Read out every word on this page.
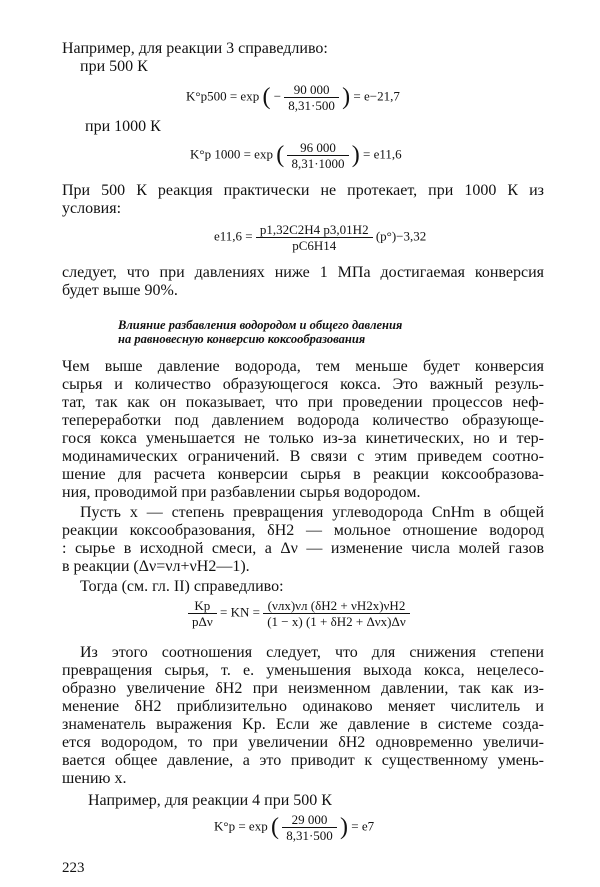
Например, для реакции 3 справедливо:
при 500 К
K°p500 = exp ( − $\frac{90 000}{8,31\cdot 500}$ ) = e−21,7
при 1000 К
K°p 1000 = exp ( $\frac{96 000}{8,31\cdot 1000}$ ) = e11,6
При 500 К реакция практически не протекает, при 1000 К из
условия:
$e11,6 = \frac{p1,32C2H4 p3,01H2}{pC6H14} (p^\circ)-3,32$
следует, что при давлениях ниже 1 МПа достигаемая конверсия
будет выше 90%.
Влияние разбавления водородом и общего давления
на равновесную конверсию коксообразования
Чем выше давление водорода, тем меньше будет конверсия
сырья и количество образующегося кокса. Это важный резуль-
тат, так как он показывает, что при проведении процессов неф-
тепереработки под давлением водорода количество образующе-
гося кокса уменьшается не только из-за кинетических, но и тер-
модинамических ограничений. В связи с этим приведем соотно-
шение для расчета конверсии сырья в реакции коксообразова-
ния, проводимой при разбавлении сырья водородом.
Пусть x — степень превращения углеводорода CnHm в общей
реакции коксообразования, δH2 — мольное отношение водород
: сырье в исходной смеси, а Δν — изменение числа молей газов
в реакции (Δν=νл+νH2—1).
Тогда (см. гл. II) справедливо:
$\frac{Kp}{\text{pΔν}}$ = KN = $\frac{\text{(νлx)νл (δH2 + νH2x)νH2}}{\text{(1 − x) (1 + δH2 + Δνx)Δν}}$
Из этого соотношения следует, что для снижения степени
превращения сырья, т. е. уменьшения выхода кокса, нецелесо-
образно увеличение δH2 при неизменном давлении, так как из-
менение δH2 приблизительно одинаково меняет числитель и
знаменатель выражения Kp. Если же давление в системе созда-
ется водородом, то при увеличении δH2 одновременно увеличи-
вается общее давление, а это приводит к существенному умень-
шению x.
Например, для реакции 4 при 500 К
K°p = exp ( $\frac{29 000}{8,31\cdot 500}$ ) = e7
223
